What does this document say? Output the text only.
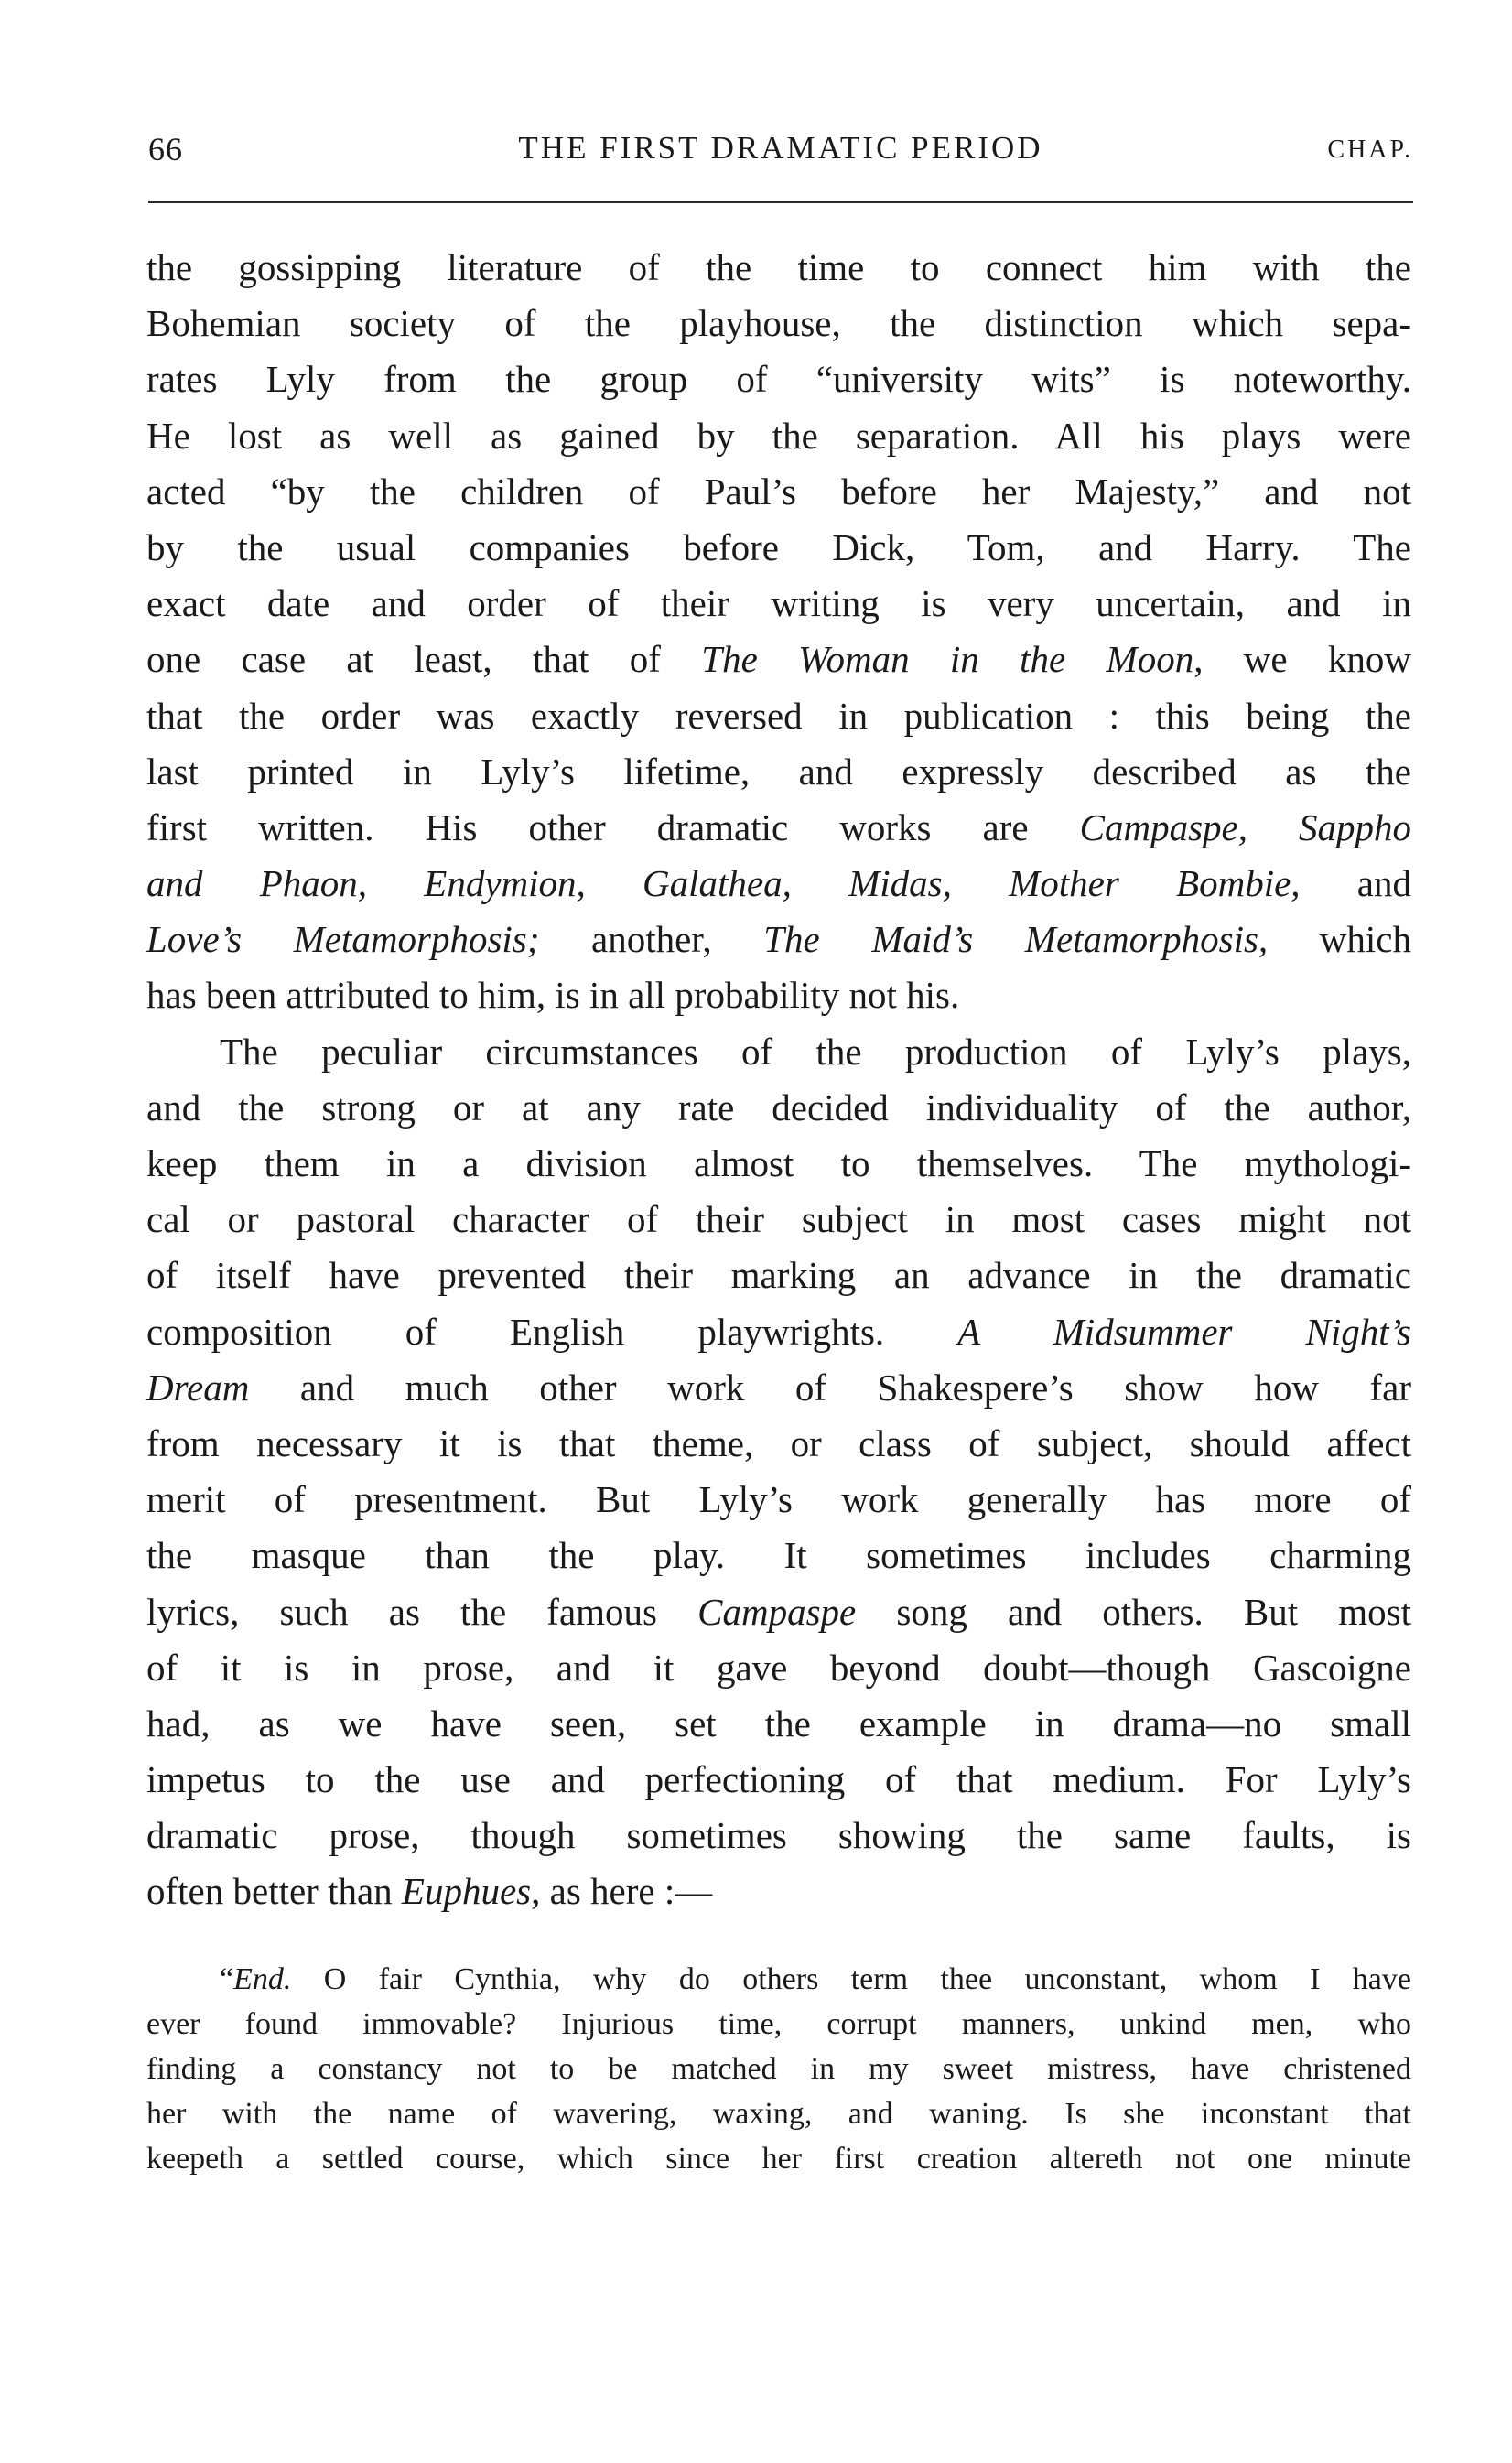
66	THE FIRST DRAMATIC PERIOD	CHAP.
the gossipping literature of the time to connect him with the
Bohemian society of the playhouse, the distinction which sepa-
rates Lyly from the group of “university wits” is noteworthy.
He lost as well as gained by the separation. All his plays were
acted “by the children of Paul’s before her Majesty,” and not
by the usual companies before Dick, Tom, and Harry. The
exact date and order of their writing is very uncertain, and in
one case at least, that of The Woman in the Moon, we know
that the order was exactly reversed in publication : this being the
last printed in Lyly’s lifetime, and expressly described as the
first written. His other dramatic works are Campaspe, Sappho
and Phaon, Endymion, Galathea, Midas, Mother Bombie, and
Love’s Metamorphosis; another, The Maid’s Metamorphosis, which
has been attributed to him, is in all probability not his.
The peculiar circumstances of the production of Lyly’s plays,
and the strong or at any rate decided individuality of the author,
keep them in a division almost to themselves. The mythologi-
cal or pastoral character of their subject in most cases might not
of itself have prevented their marking an advance in the dramatic
composition of English playwrights. A Midsummer Night’s
Dream and much other work of Shakespere’s show how far
from necessary it is that theme, or class of subject, should affect
merit of presentment. But Lyly’s work generally has more of
the masque than the play. It sometimes includes charming
lyrics, such as the famous Campaspe song and others. But most
of it is in prose, and it gave beyond doubt—though Gascoigne
had, as we have seen, set the example in drama—no small
impetus to the use and perfectioning of that medium. For Lyly’s
dramatic prose, though sometimes showing the same faults, is
often better than Euphues, as here :—
“End. O fair Cynthia, why do others term thee unconstant, whom I have
ever found immovable? Injurious time, corrupt manners, unkind men, who
finding a constancy not to be matched in my sweet mistress, have christened
her with the name of wavering, waxing, and waning. Is she inconstant that
keepeth a settled course, which since her first creation altereth not one minute
